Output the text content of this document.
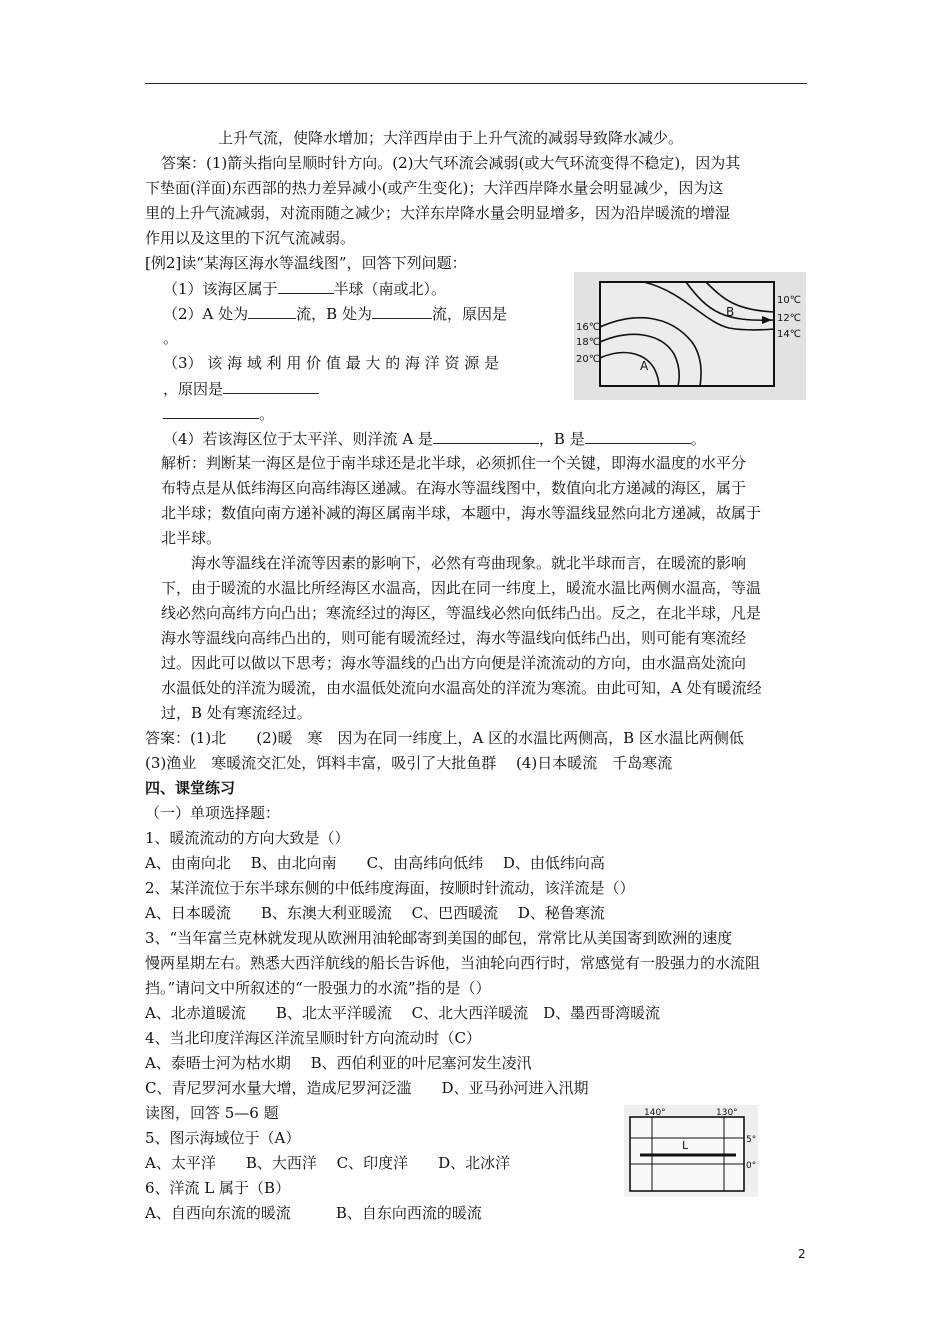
上升气流，使降水增加；大洋西岸由于上升气流的减弱导致降水减少。
答案：(1)箭头指向呈顺时针方向。(2)大气环流会减弱(或大气环流变得不稳定)，因为其
下垫面(洋面)东西部的热力差异减小(或产生变化)；大洋西岸降水量会明显减少，因为这
里的上升气流减弱，对流雨随之减少；大洋东岸降水量会明显增多，因为沿岸暖流的增湿
作用以及这里的下沉气流减弱。
[例2]读“某海区海水等温线图”，回答下列问题：
（1）该海区属于	半球（南或北）。
（2）A 处为	流，B 处为	流，原因是
。
（3） 该 海 域 利 用 价 值 最 大 的 海 洋 资 源 是
，原因是
。
（4）若该海区位于太平洋、则洋流 A 是	，B 是	。
解析：判断某一海区是位于南半球还是北半球，必须抓住一个关键，即海水温度的水平分
布特点是从低纬海区向高纬海区递减。在海水等温线图中，数值向北方递减的海区，属于
北半球；数值向南方递补减的海区属南半球，本题中，海水等温线显然向北方递减，故属于
北半球。
海水等温线在洋流等因素的影响下，必然有弯曲现象。就北半球而言，在暖流的影响
下，由于暖流的水温比所经海区水温高，因此在同一纬度上，暖流水温比两侧水温高，等温
线必然向高纬方向凸出；寒流经过的海区，等温线必然向低纬凸出。反之，在北半球，凡是
海水等温线向高纬凸出的，则可能有暖流经过，海水等温线向低纬凸出，则可能有寒流经
过。因此可以做以下思考；海水等温线的凸出方向便是洋流流动的方向，由水温高处流向
水温低处的洋流为暖流，由水温低处流向水温高处的洋流为寒流。由此可知，A 处有暖流经
过，B 处有寒流经过。
答案：(1)北　　(2)暖　寒　因为在同一纬度上，A 区的水温比两侧高，B 区水温比两侧低
(3)渔业　寒暖流交汇处，饵料丰富，吸引了大批鱼群　 (4)日本暖流　千岛寒流
四、课堂练习
（一）单项选择题：
1、暖流流动的方向大致是（）
A、由南向北　 B、由北向南　　C、由高纬向低纬　 D、由低纬向高
2、某洋流位于东半球东侧的中低纬度海面，按顺时针流动，该洋流是（）
A、日本暖流　　B、东澳大利亚暖流　 C、巴西暖流　 D、秘鲁寒流
3、“当年富兰克林就发现从欧洲用油轮邮寄到美国的邮包，常常比从美国寄到欧洲的速度
慢两星期左右。熟悉大西洋航线的船长告诉他，当油轮向西行时，常感觉有一股强力的水流阻
挡。”请问文中所叙述的“一股强力的水流”指的是（）
A、北赤道暖流　　B、北太平洋暖流　 C、北大西洋暖流　D、墨西哥湾暖流
4、当北印度洋海区洋流呈顺时针方向流动时（C）
A、泰晤士河为枯水期　 B、西伯利亚的叶尼塞河发生凌汛
C、青尼罗河水量大增，造成尼罗河泛滥　　D、亚马孙河进入汛期
读图，回答 5—6 题
5、图示海域位于（A）
A、太平洋　　B、大西洋　 C、印度洋　　D、北冰洋
6、洋流 L 属于（B）
A、自西向东流的暖流　　　B、自东向西流的暖流
B
A
10℃
12℃
14℃
16℃
18℃
20℃
L
140°	130°
5°
0°
2
